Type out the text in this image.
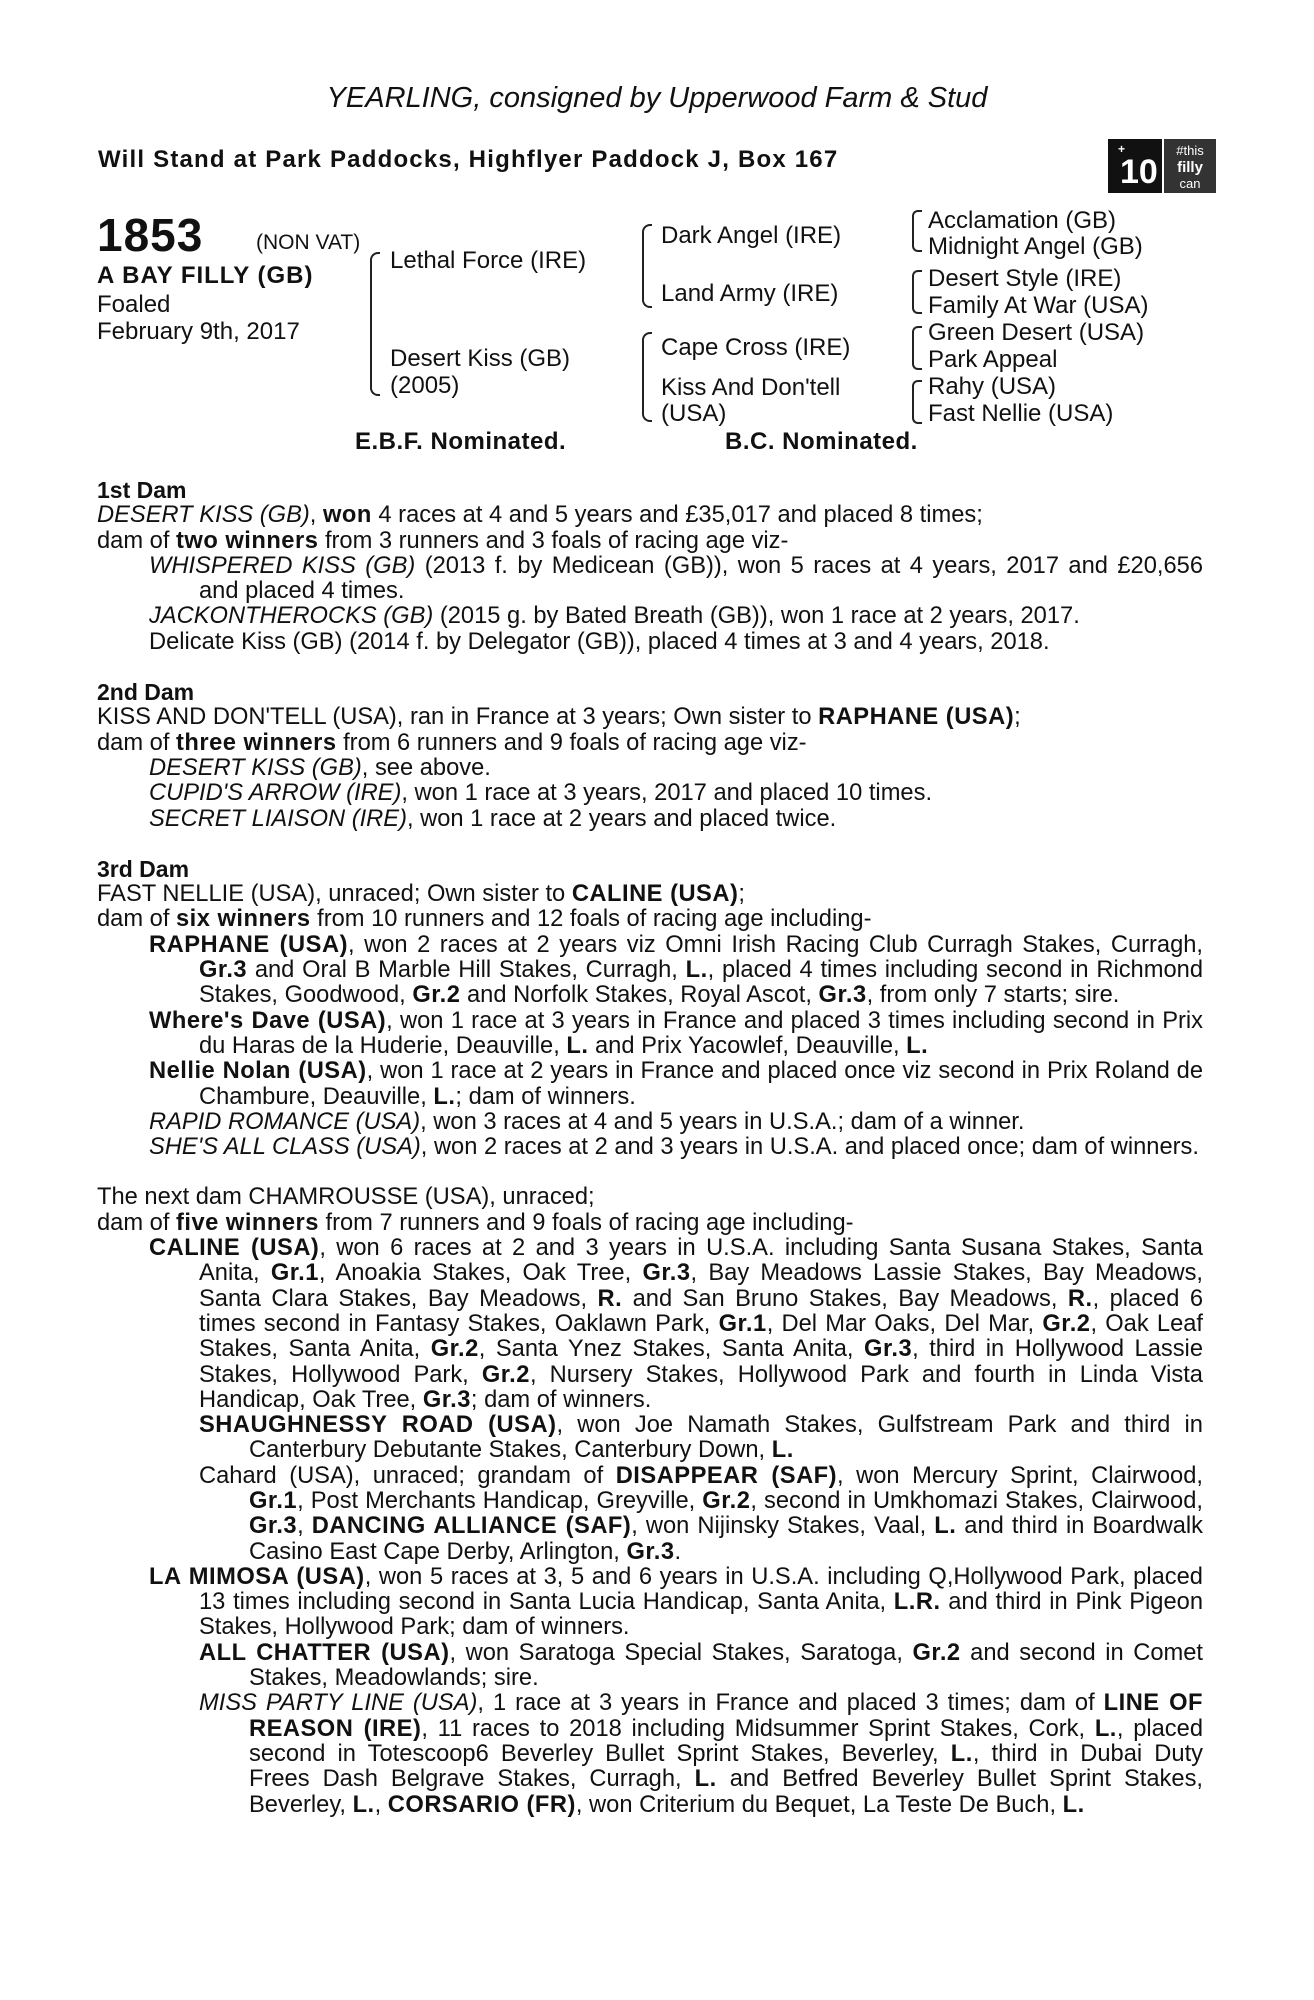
YEARLING, consigned by Upperwood Farm & Stud
Will Stand at Park Paddocks, Highflyer Paddock J, Box 167	+
10
#this
filly
can
1853	(NON VAT)
A BAY FILLY (GB)
Foaled
February 9th, 2017
Lethal Force (IRE)
Desert Kiss (GB)
(2005)
Dark Angel (IRE)
Land Army (IRE)
Cape Cross (IRE)
Kiss And Don'tell
(USA)
Acclamation (GB)
Midnight Angel (GB)
Desert Style (IRE)
Family At War (USA)
Green Desert (USA)
Park Appeal
Rahy (USA)
Fast Nellie (USA)
E.B.F. Nominated.	B.C. Nominated.

1st Dam

DESERT KISS (GB), won 4 races at 4 and 5 years and £35,017 and placed 8 times;

dam of two winners from 3 runners and 3 foals of racing age viz-

WHISPERED KISS (GB) (2013 f. by Medicean (GB)), won 5 races at 4 years, 2017 and £20,656 and placed 4 times.

JACKONTHEROCKS (GB) (2015 g. by Bated Breath (GB)), won 1 race at 2 years, 2017.

Delicate Kiss (GB) (2014 f. by Delegator (GB)), placed 4 times at 3 and 4 years, 2018.

2nd Dam

KISS AND DON'TELL (USA), ran in France at 3 years; Own sister to RAPHANE (USA);

dam of three winners from 6 runners and 9 foals of racing age viz-

DESERT KISS (GB), see above.

CUPID'S ARROW (IRE), won 1 race at 3 years, 2017 and placed 10 times.

SECRET LIAISON (IRE), won 1 race at 2 years and placed twice.

3rd Dam

FAST NELLIE (USA), unraced; Own sister to CALINE (USA);

dam of six winners from 10 runners and 12 foals of racing age including-

RAPHANE (USA), won 2 races at 2 years viz Omni Irish Racing Club Curragh Stakes, Curragh, Gr.3 and Oral B Marble Hill Stakes, Curragh, L., placed 4 times including second in Richmond Stakes, Goodwood, Gr.2 and Norfolk Stakes, Royal Ascot, Gr.3, from only 7 starts; sire.

Where's Dave (USA), won 1 race at 3 years in France and placed 3 times including second in Prix du Haras de la Huderie, Deauville, L. and Prix Yacowlef, Deauville, L.

Nellie Nolan (USA), won 1 race at 2 years in France and placed once viz second in Prix Roland de Chambure, Deauville, L.; dam of winners.

RAPID ROMANCE (USA), won 3 races at 4 and 5 years in U.S.A.; dam of a winner.

SHE'S ALL CLASS (USA), won 2 races at 2 and 3 years in U.S.A. and placed once; dam of winners.

The next dam CHAMROUSSE (USA), unraced;

dam of five winners from 7 runners and 9 foals of racing age including-

CALINE (USA), won 6 races at 2 and 3 years in U.S.A. including Santa Susana Stakes, Santa Anita, Gr.1, Anoakia Stakes, Oak Tree, Gr.3, Bay Meadows Lassie Stakes, Bay Meadows, Santa Clara Stakes, Bay Meadows, R. and San Bruno Stakes, Bay Meadows, R., placed 6 times second in Fantasy Stakes, Oaklawn Park, Gr.1, Del Mar Oaks, Del Mar, Gr.2, Oak Leaf Stakes, Santa Anita, Gr.2, Santa Ynez Stakes, Santa Anita, Gr.3, third in Hollywood Lassie Stakes, Hollywood Park, Gr.2, Nursery Stakes, Hollywood Park and fourth in Linda Vista Handicap, Oak Tree, Gr.3; dam of winners.

SHAUGHNESSY ROAD (USA), won Joe Namath Stakes, Gulfstream Park and third in Canterbury Debutante Stakes, Canterbury Down, L.

Cahard (USA), unraced; grandam of DISAPPEAR (SAF), won Mercury Sprint, Clairwood, Gr.1, Post Merchants Handicap, Greyville, Gr.2, second in Umkhomazi Stakes, Clairwood, Gr.3, DANCING ALLIANCE (SAF), won Nijinsky Stakes, Vaal, L. and third in Boardwalk Casino East Cape Derby, Arlington, Gr.3.

LA MIMOSA (USA), won 5 races at 3, 5 and 6 years in U.S.A. including Q,Hollywood Park, placed 13 times including second in Santa Lucia Handicap, Santa Anita, L.R. and third in Pink Pigeon Stakes, Hollywood Park; dam of winners.

ALL CHATTER (USA), won Saratoga Special Stakes, Saratoga, Gr.2 and second in Comet Stakes, Meadowlands; sire.

MISS PARTY LINE (USA), 1 race at 3 years in France and placed 3 times; dam of LINE OF REASON (IRE), 11 races to 2018 including Midsummer Sprint Stakes, Cork, L., placed second in Totescoop6 Beverley Bullet Sprint Stakes, Beverley, L., third in Dubai Duty Frees Dash Belgrave Stakes, Curragh, L. and Betfred Beverley Bullet Sprint Stakes, Beverley, L., CORSARIO (FR), won Criterium du Bequet, La Teste De Buch, L.
